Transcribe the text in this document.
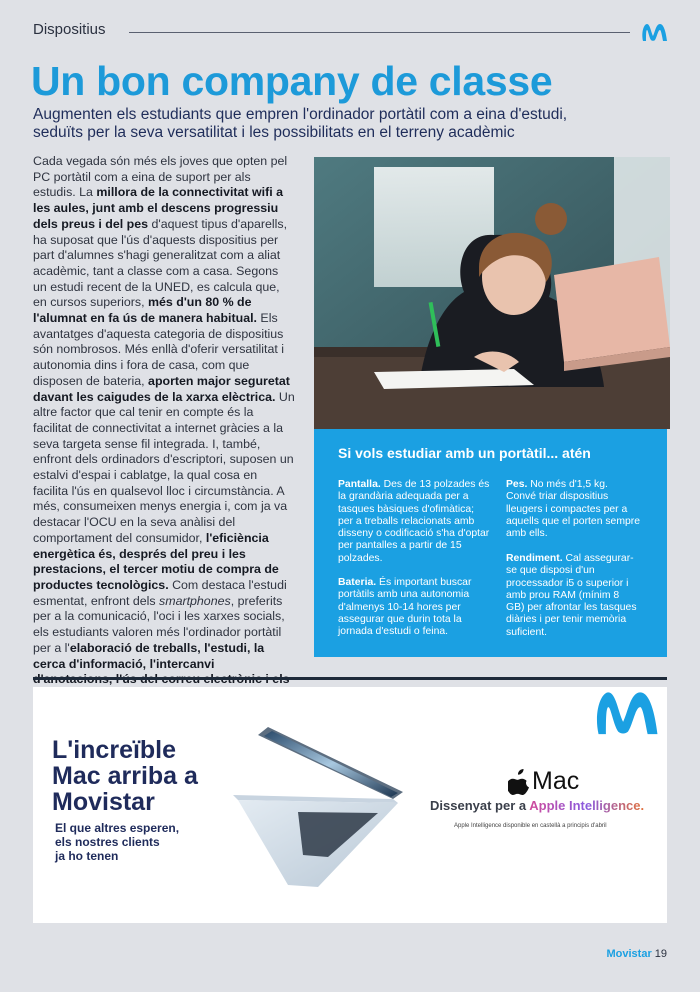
Dispositius
Un bon company de classe

Augmenten els estudiants que empren l'ordinador portàtil com a eina d'estudi, seduïts per la seva versatilitat i les possibilitats en el terreny acadèmic

Cada vegada són més els joves que opten pel PC portàtil com a eina de suport per als estudis. La millora de la connectivitat wifi a les aules, junt amb el descens progressiu dels preus i del pes d'aquest tipus d'aparells, ha suposat que l'ús d'aquests dispositius per part d'alumnes s'hagi generalitzat com a aliat acadèmic, tant a classe com a casa. Segons un estudi recent de la UNED, es calcula que, en cursos superiors, més d'un 80 % de l'alumnat en fa ús de manera habitual. Els avantatges d'aquesta categoria de dispositius són nombrosos. Més enllà d'oferir versatilitat i autonomia dins i fora de casa, com que disposen de bateria, aporten major seguretat davant les caigudes de la xarxa elèctrica. Un altre factor que cal tenir en compte és la facilitat de connectivitat a internet gràcies a la seva targeta sense fil integrada. I, també, enfront dels ordinadors d'escriptori, suposen un estalvi d'espai i cablatge, la qual cosa en facilita l'ús en qualsevol lloc i circumstància. A més, consumeixen menys energia i, com ja va destacar l'OCU en la seva anàlisi del comportament del consumidor, l'eficiència energètica és, després del preu i les prestacions, el tercer motiu de compra de productes tecnològics. Com destaca l'estudi esmentat, enfront dels smartphones, preferits per a la comunicació, l'oci i les xarxes socials, els estudiants valoren més l'ordinador portàtil per a l'elaboració de treballs, l'estudi, la cerca d'informació, l'intercanvi
Si vols estudiar amb un portàtil... atén
Pantalla. Des de 13 polzades és la grandària adequada per a tasques bàsiques d'ofimàtica; per a treballs relacionats amb disseny o codificació s'ha d'optar per pantalles a partir de 15 polzades.
Bateria. És important buscar portàtils amb una autonomia d'almenys 10-14 hores per assegurar que durin tota la jornada d'estudi o feina.
Pes. No més d'1,5 kg. Convé triar dispositius lleugers i compactes per a aquells que el porten sempre amb ells.
Rendiment. Cal assegurar-se que disposi d'un processador i5 o superior i amb prou RAM (mínim 8 GB) per afrontar les tasques diàries i per tenir memòria suficient.
L'increïble
Mac arriba a
Movistar
El que altres esperen,
els nostres clients
ja ho tenen
Mac
Dissenyat per a Apple Intelligence.
Apple Intelligence disponible en castellà a principis d'abril
Movistar 19
